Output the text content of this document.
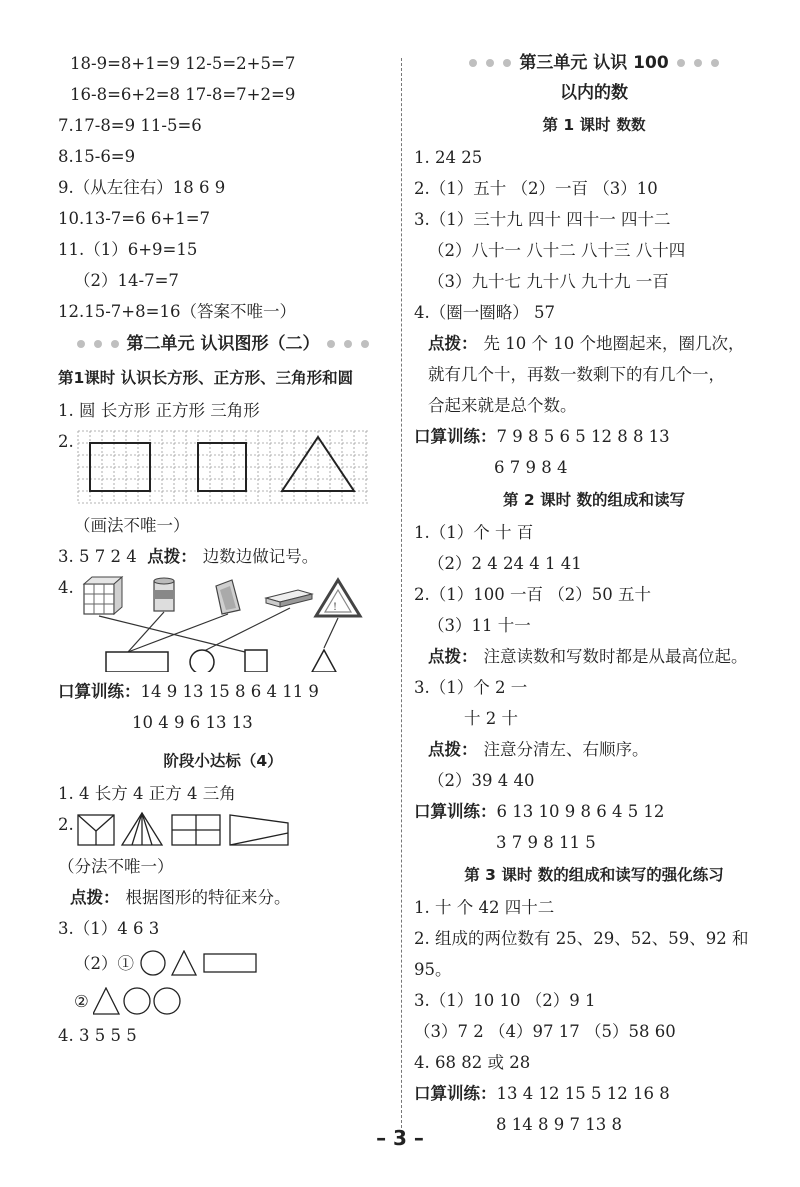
18-9=8+1=9 12-5=2+5=7
16-8=6+2=8 17-8=7+2=9
7.17-8=9 11-5=6
8.15-6=9
9.（从左往右）18 6 9
10.13-7=6 6+1=7
11.（1）6+9=15
（2）14-7=7
12.15-7+8=16（答案不唯一）
第二单元 认识图形（二）
第1课时 认识长方形、正方形、三角形和圆
1. 圆 长方形 正方形 三角形
2.
（画法不唯一）
3. 5 7 2 4 点拨： 边数边做记号。
4.
!
口算训练：14 9 13 15 8 6 4 11 9
10 4 9 6 13 13
阶段小达标（4）
1. 4 长方 4 正方 4 三角
2.
（分法不唯一）
点拨： 根据图形的特征来分。
3.（1）4 6 3
（2）①
②
4. 3 5 5 5
第三单元 认识 100
以内的数
第 1 课时 数数
1. 24 25
2.（1）五十 （2）一百 （3）10
3.（1）三十九 四十 四十一 四十二
（2）八十一 八十二 八十三 八十四
（3）九十七 九十八 九十九 一百
4.（圈一圈略） 57
点拨： 先 10 个 10 个地圈起来，圈几次，
就有几个十，再数一数剩下的有几个一，
合起来就是总个数。
口算训练：7 9 8 5 6 5 12 8 8 13
6 7 9 8 4
第 2 课时 数的组成和读写
1.（1）个 十 百
（2）2 4 24 4 1 41
2.（1）100 一百 （2）50 五十
（3）11 十一
点拨： 注意读数和写数时都是从最高位起。
3.（1）个 2 一
十 2 十
点拨： 注意分清左、右顺序。
（2）39 4 40
口算训练：6 13 10 9 8 6 4 5 12
3 7 9 8 11 5
第 3 课时 数的组成和读写的强化练习
1. 十 个 42 四十二
2. 组成的两位数有 25、29、52、59、92 和
95。
3.（1）10 10 （2）9 1
（3）7 2 （4）97 17 （5）58 60
4. 68 82 或 28
口算训练：13 4 12 15 5 12 16 8
8 14 8 9 7 13 8
– 3 –
